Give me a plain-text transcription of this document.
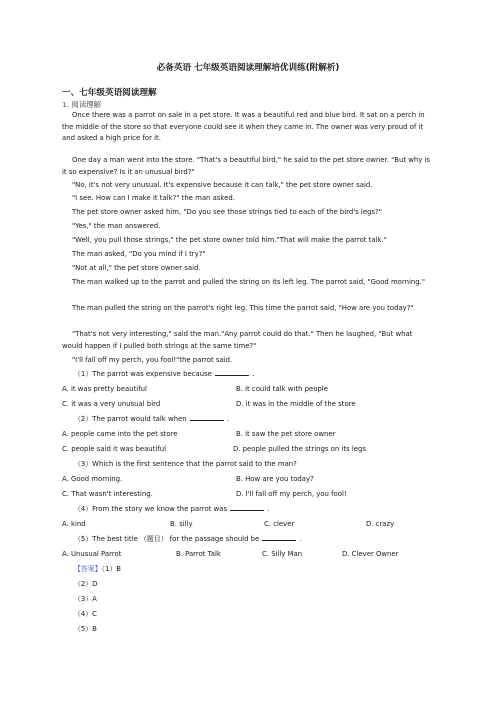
必备英语 七年级英语阅读理解培优训练(附解析)
一、七年级英语阅读理解
1. 阅读理解
Once there was a parrot on sale in a pet store. It was a beautiful red and blue bird. It sat on a perch in the middle of the store so that everyone could see it when they came in. The owner was very proud of it and asked a high price for it.
One day a man went into the store. "That's a beautiful bird," he said to the pet store owner. "But why is it so expensive? Is it an unusual bird?"
"No, it's not very unusual. It's expensive because it can talk," the pet store owner said.
"I see. How can I make it talk?" the man asked.
The pet store owner asked him, "Do you see those strings tied to each of the bird's legs?"
"Yes," the man answered.
"Well, you pull those strings," the pet store owner told him."That will make the parrot talk."
The man asked, "Do you mind if I try?"
"Not at all," the pet store owner said.
The man walked up to the parrot and pulled the string on its left leg. The parrot said, "Good morning."
The man pulled the string on the parrot's right leg. This time the parrot said, "How are you today?"
"That's not very interesting," said the man."Any parrot could do that." Then he laughed, "But what would happen if I pulled both strings at the same time?"
"I'll fall off my perch, you fool!"the parrot said.
（1）The parrot was expensive because	.
A. it was pretty beautiful	B. it could talk with people
C. it was a very unusual bird	D. it was in the middle of the store
（2）The parrot would talk when	.
A. people came into the pet store	B. it saw the pet store owner
C. people said it was beautiful	D. people pulled the strings on its legs
（3）Which is the first sentence that the parrot said to the man?
A. Good morning.	B. How are you today?
C. That wasn't interesting.	D. I'll fall off my perch, you fool!
（4）From the story we know the parrot was	.
A. kind	B. silly	C. clever	D. crazy
（5）The best title （题目） for the passage should be	.
A. Unusual Parrot	B. Parrot Talk	C. Silly Man	D. Clever Owner
【答案】（1）B
（2）D
（3）A
（4）C
（5）B
